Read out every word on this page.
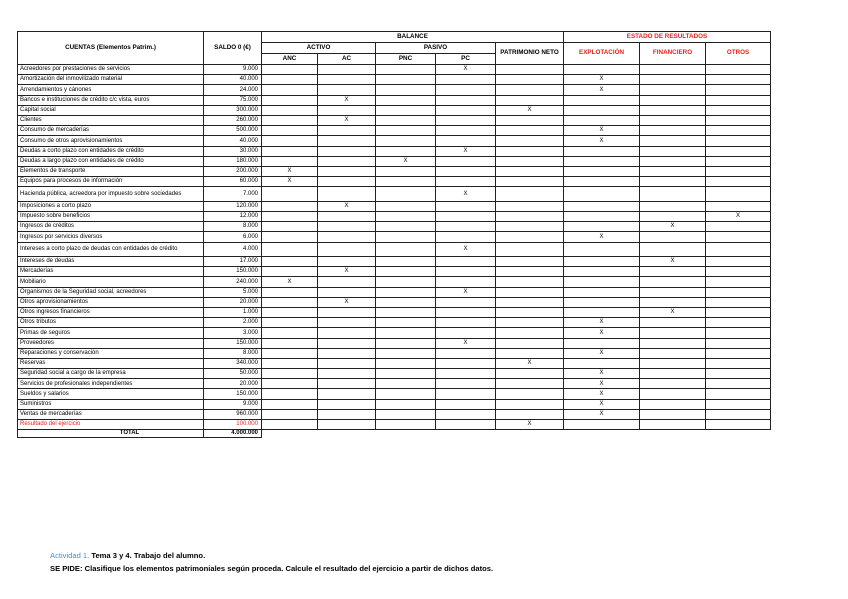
CUENTAS (Elementos Patrim.)	SALDO 0 (€)	BALANCE					ESTADO DE RESULTADOS		
		ACTIVO		PASIVO		PATRIMONIO NETO	EXPLOTACIÓN	FINANCIERO	OTROS
		ANC	AC	PNC	PC				
Acreedores por prestaciones de servicios	9.000				X				
Amortización del inmovilizado material	40.000						X		
Arrendamientos y cánones	24.000						X		
Bancos e instituciones de crédito c/c vista, euros	75.000		X						
Capital social	300.000					X			
Clientes	260.000		X						
Consumo de mercaderías	500.000						X		
Consumo de otros aprovisionamientos	40.000						X		
Deudas a corto plazo con entidades de crédito	30.000				X				
Deudas a largo plazo con entidades de crédito	180.000			X					
Elementos de transporte	200.000	X							
Equipos para procesos de información	60.000	X							
Hacienda pública, acreedora por impuesto sobre sociedades	7.000				X				
Imposiciones a corto plazo	120.000		X						
Impuesto sobre beneficios	12.000								X
Ingresos de créditos	8.000							X	
Ingresos por servicios diversos	6.000						X		
Intereses a corto plazo de deudas con entidades de crédito	4.000				X				
Intereses de deudas	17.000							X	
Mercaderías	150.000		X						
Mobiliario	240.000	X							
Organismos de la Seguridad social, acreedores	5.000				X				
Otros aprovisionamientos	20.000		X						
Otros ingresos financieros	1.000							X	
Otros tributos	2.000						X		
Primas de seguros	3.000						X		
Proveedores	150.000				X				
Reparaciones y conservación	8.000						X		
Reservas	340.000					X			
Seguridad social a cargo de la empresa	50.000						X		
Servicios de profesionales independientes	20.000						X		
Sueldos y salarios	150.000						X		
Suministros	9.000						X		
Ventas de mercaderías	960.000						X		
Resultado del ejercicio	100.000					X			
TOTAL	4.000.000								
Actividad 1. Tema 3 y 4. Trabajo del alumno.
SE PIDE: Clasifique los elementos patrimoniales según proceda. Calcule el resultado del ejercicio a partir de dichos datos.
